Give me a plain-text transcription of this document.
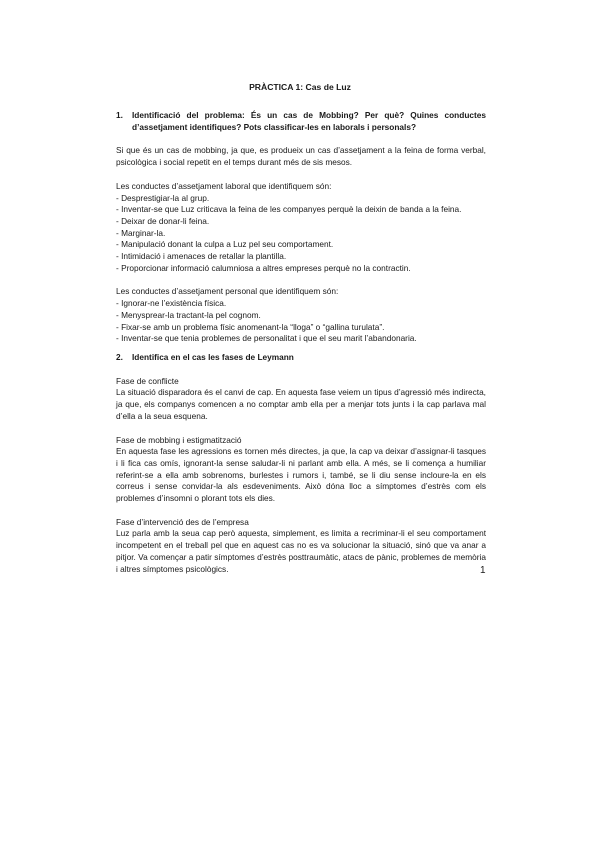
PRÀCTICA 1: Cas de Luz
1.	Identificació del problema: És un cas de Mobbing? Per què? Quines conductes d’assetjament identifiques? Pots classificar-les en laborals i personals?

Si que és un cas de mobbing, ja que, es produeix un cas d’assetjament a la feina de forma verbal, psicològica i social repetit en el temps durant més de sis mesos.

Les conductes d’assetjament laboral que identifiquem són:

- Desprestigiar-la al grup.
- Inventar-se que Luz criticava la feina de les companyes perquè la deixin de banda a la feina.
- Deixar de donar-li feina.
- Marginar-la.
- Manipulació donant la culpa a Luz pel seu comportament.
- Intimidació i amenaces de retallar la plantilla.
- Proporcionar informació calumniosa a altres empreses perquè no la contractin.

Les conductes d’assetjament personal que identifiquem són:

- Ignorar-ne l’existència física.
- Menysprear-la tractant-la pel cognom.
- Fixar-se amb un problema físic anomenant-la “lloga” o “gallina turulata”.
- Inventar-se que tenia problemes de personalitat i que el seu marit l’abandonaria.
2.	Identifica en el cas les fases de Leymann

Fase de conflicte

La situació disparadora és el canvi de cap. En aquesta fase veiem un tipus d’agressió més indirecta, ja que, els companys comencen a no comptar amb ella per a menjar tots junts i la cap parlava mal d’ella a la seua esquena.

Fase de mobbing i estigmatització

En aquesta fase les agressions es tornen més directes, ja que, la cap va deixar d’assignar-li tasques i li fica cas omís, ignorant-la sense saludar-li ni parlant amb ella. A més, se li comença a humiliar referint-se a ella amb sobrenoms, burlestes i rumors i, també, se li diu sense incloure-la en els correus i sense convidar-la als esdeveniments. Això dóna lloc a símptomes d’estrès com els problemes d’insomni o plorant tots els dies.

Fase d’intervenció des de l’empresa

Luz parla amb la seua cap però aquesta, simplement, es limita a recriminar-li el seu comportament incompetent en el treball pel que en aquest cas no es va solucionar la situació, sinó que va anar a pitjor. Va començar a patir símptomes d’estrès posttraumàtic, atacs de pànic, problemes de memòria i altres símptomes psicològics.	1
